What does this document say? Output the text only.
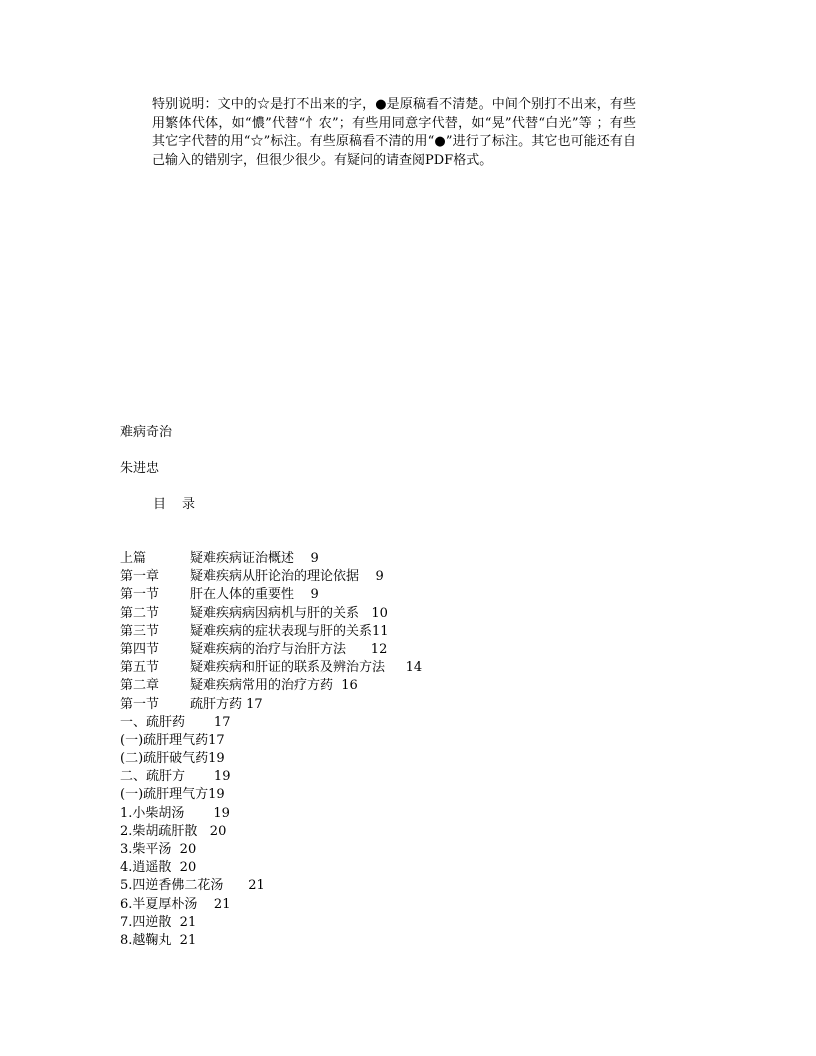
特别说明：文中的☆是打不出来的字，●是原稿看不清楚。中间个别打不出来，有些用繁体代体，如“憹”代替“忄农”；有些用同意字代替，如“晃”代替“白光”等 ；有些其它字代替的用“☆”标注。有些原稿看不清的用“●”进行了标注。其它也可能还有自己输入的错别字，但很少很少。有疑问的请查阅PDF格式。

难病奇治
朱进忠
目 录
上篇	疑难疾病证治概述    9
第一章 疑难疾病从肝论治的理论依据    9
第一节 肝在人体的重要性    9
第二节 疑难疾病病因病机与肝的关系   10
第三节 疑难疾病的症状表现与肝的关系11
第四节 疑难疾病的治疗与治肝方法      12
第五节 疑难疾病和肝证的联系及辨治方法     14
第二章 疑难疾病常用的治疗方药  16
第一节 疏肝方药 17
一、疏肝药       17
(一)疏肝理气药17
(二)疏肝破气药19
二、疏肝方       19
(一)疏肝理气方19
1.小柴胡汤       19
2.柴胡疏肝散   20
3.柴平汤  20
4.逍遥散  20
5.四逆香佛二花汤      21
6.半夏厚朴汤    21
7.四逆散  21
8.越鞠丸  21
